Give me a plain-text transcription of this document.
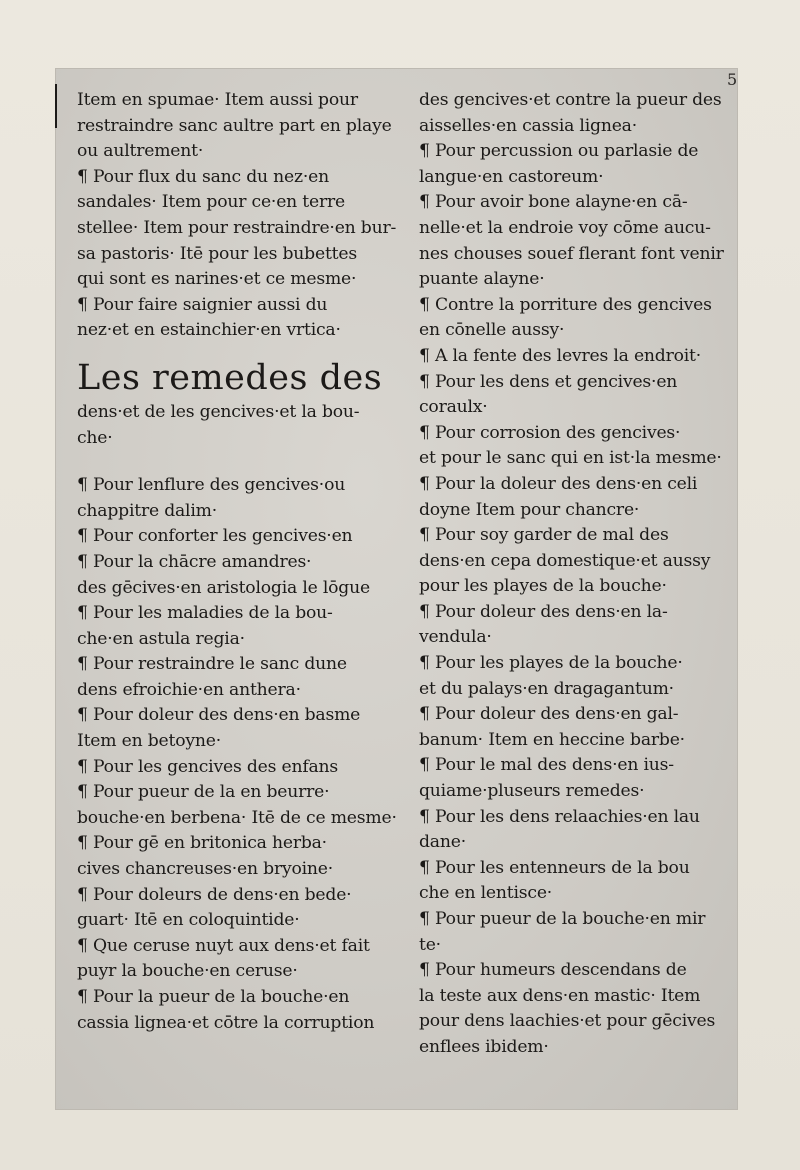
5
Item en spumae· Item aussi pour
restraindre sanc aultre part en playe
ou aultrement·
¶ Pour flux du sanc du nez·en
sandales· Item pour ce·en terre
stellee· Item pour restraindre·en bur-
sa pastoris· Itē pour les bubettes
qui sont es narines·et ce mesme·
¶ Pour faire saignier aussi du
nez·et en estainchier·en vrtica·
Les remedes des
dens·et de les gencives·et la bou-
che·
¶ Pour lenflure des gencives·ou
chappitre dalim·
¶ Pour conforter les gencives·en
¶ Pour la chācre amandres·
des gēcives·en aristologia le lōgue
¶ Pour les maladies de la bou-
che·en astula regia·
¶ Pour restraindre le sanc dune
dens efroichie·en anthera·
¶ Pour doleur des dens·en basme
Item en betoyne·
¶ Pour les gencives des enfans
¶ Pour pueur de la en beurre·
bouche·en berbena· Itē de ce mesme·
¶ Pour gē en britonica herba·
cives chancreuses·en bryoine·
¶ Pour doleurs de dens·en bede·
guart· Itē en coloquintide·
¶ Que ceruse nuyt aux dens·et fait
puyr la bouche·en ceruse·
¶ Pour la pueur de la bouche·en
cassia lignea·et cōtre la corruption
des gencives·et contre la pueur des
aisselles·en cassia lignea·
¶ Pour percussion ou parlasie de
langue·en castoreum·
¶ Pour avoir bone alayne·en cā-
nelle·et la endroie voy cōme aucu-
nes chouses souef flerant font venir
puante alayne·
¶ Contre la porriture des gencives
en cōnelle aussy·
¶ A la fente des levres la endroit·
¶ Pour les dens et gencives·en
coraulx·
¶ Pour corrosion des gencives·
et pour le sanc qui en ist·la mesme·
¶ Pour la doleur des dens·en celi
doyne Item pour chancre·
¶ Pour soy garder de mal des
dens·en cepa domestique·et aussy
pour les playes de la bouche·
¶ Pour doleur des dens·en la-
vendula·
¶ Pour les playes de la bouche·
et du palays·en dragagantum·
¶ Pour doleur des dens·en gal-
banum· Item en heccine barbe·
¶ Pour le mal des dens·en ius-
quiame·pluseurs remedes·
¶ Pour les dens relaachies·en lau
dane·
¶ Pour les entenneurs de la bou
che en lentisce·
¶ Pour pueur de la bouche·en mir
te·
¶ Pour humeurs descendans de
la teste aux dens·en mastic· Item
pour dens laachies·et pour gēcives
enflees ibidem·
